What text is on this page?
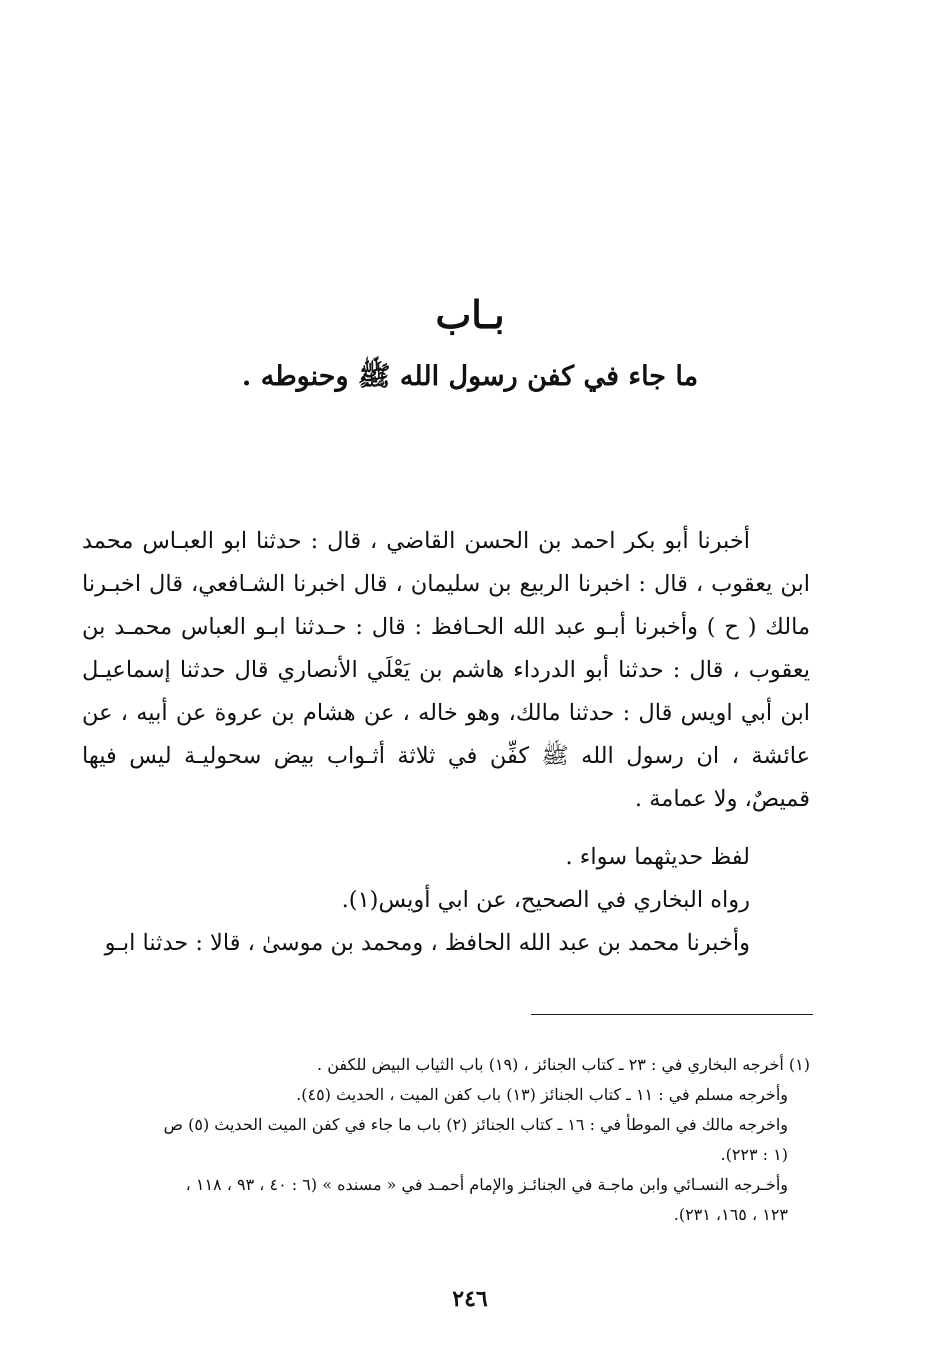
بـاب
ما جاء في كفن رسول الله ﷺ وحنوطه .

أخبرنا أبو بكر احمد بن الحسن القاضي ، قال : حدثنا ابو العبـاس محمد ابن يعقوب ، قال : اخبرنا الربيع بن سليمان ، قال اخبرنا الشـافعي، قال اخبـرنا مالك ( ح ) وأخبرنا أبـو عبد الله الحـافظ : قال : حـدثنا ابـو العباس محمـد بن يعقوب ، قال : حدثنا أبو الدرداء هاشم بن يَعْلَي الأنصاري قال حدثنا إسماعيـل ابن أبي اويس قال : حدثنا مالك، وهو خاله ، عن هشام بن عروة عن أبيه ، عن عائشة ، ان رسول الله ﷺ كفِّن في ثلاثة أثـواب بيض سحوليـة ليس فيها قميصٌ، ولا عمامة .

لفظ حديثهما سواء .

رواه البخاري في الصحيح، عن ابي أويس(١).

وأخبرنا محمد بن عبد الله الحافظ ، ومحمد بن موسىٰ ، قالا : حدثنا ابـو

(١) أخرجه البخاري في : ٢٣ ـ كتاب الجنائز ، (١٩) باب الثياب البيض للكفن .

وأخرجه مسلم في : ١١ ـ كتاب الجنائز (١٣) باب كفن الميت ، الحديث (٤٥).

واخرجه مالك في الموطأ في : ١٦ ـ كتاب الجنائز (٢) باب ما جاء في كفن الميت الحديث (٥) ص

(١ : ٢٢٣).

وأخـرجه النسـائي وابن ماجـة في الجنائـز والإمام أحمـد في « مسنده » (٦ : ٤٠ ، ٩٣ ، ١١٨ ،

١٢٣ ، ١٦٥، ٢٣١).

٢٤٦
